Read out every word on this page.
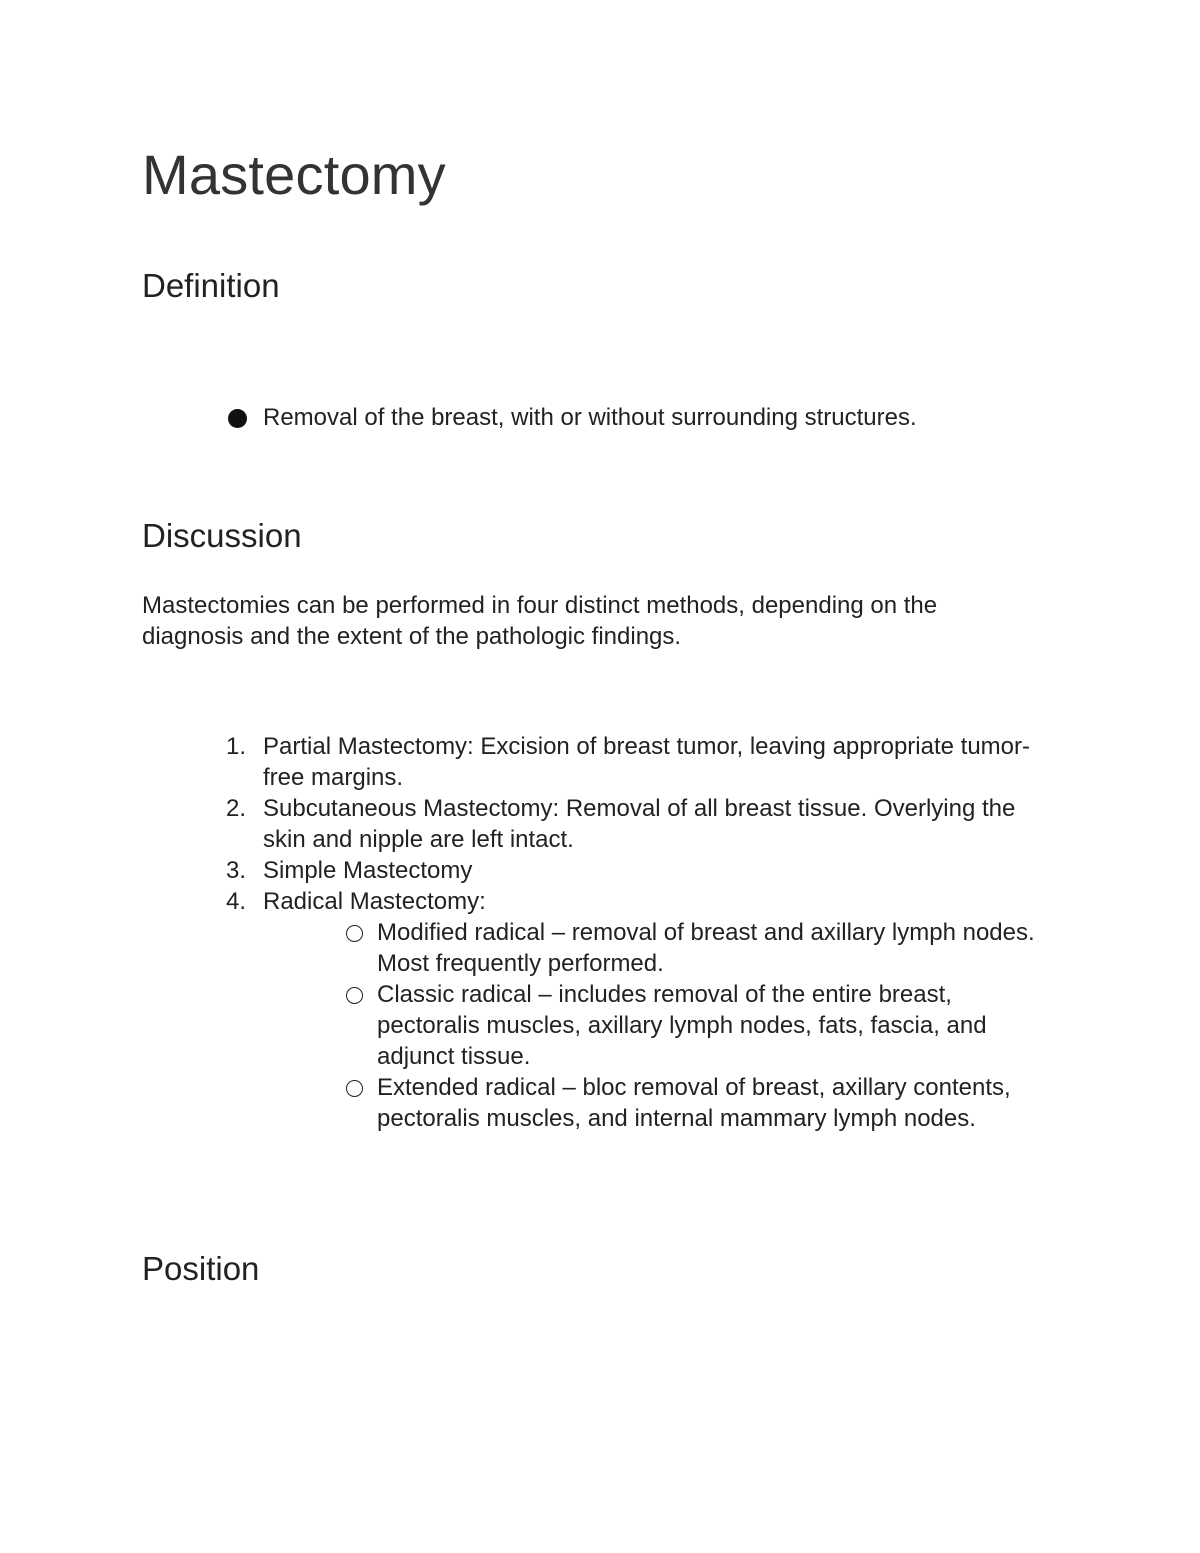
Mastectomy
Definition
Removal of the breast, with or without surrounding structures.
Discussion

Mastectomies can be performed in four distinct methods, depending on the diagnosis and the extent of the pathologic findings.

1. Partial Mastectomy: Excision of breast tumor, leaving appropriate tumor-free margins.
2. Subcutaneous Mastectomy: Removal of all breast tissue. Overlying the skin and nipple are left intact.
3. Simple Mastectomy
4. Radical Mastectomy:
Modified radical – removal of breast and axillary lymph nodes. Most frequently performed.
Classic radical – includes removal of the entire breast, pectoralis muscles, axillary lymph nodes, fats, fascia, and adjunct tissue.
Extended radical – bloc removal of breast, axillary contents, pectoralis muscles, and internal mammary lymph nodes.
Position
